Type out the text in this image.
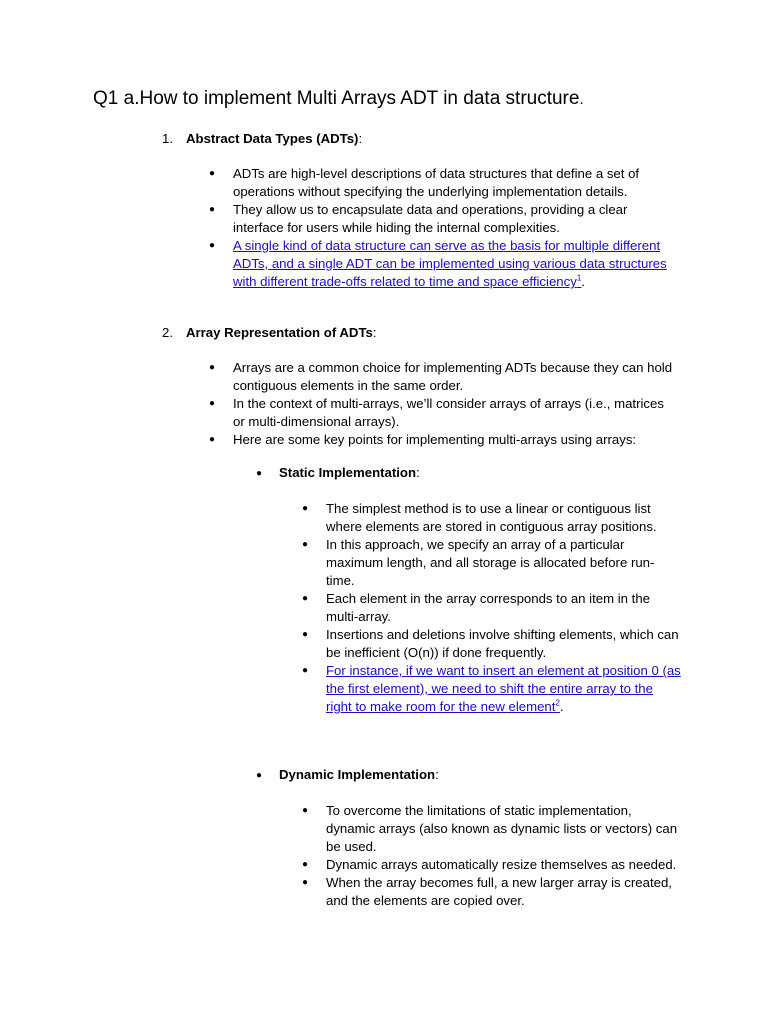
Q1 a.How to implement Multi Arrays ADT in data structure.
1. Abstract Data Types (ADTs):
● ADTs are high-level descriptions of data structures that define a set of operations without specifying the underlying implementation details.
● They allow us to encapsulate data and operations, providing a clear interface for users while hiding the internal complexities.
● A single kind of data structure can serve as the basis for multiple different ADTs, and a single ADT can be implemented using various data structures with different trade-offs related to time and space efficiency$^1$.
2. Array Representation of ADTs:
● Arrays are a common choice for implementing ADTs because they can hold contiguous elements in the same order.
● In the context of multi-arrays, we’ll consider arrays of arrays (i.e., matrices or multi-dimensional arrays).
● Here are some key points for implementing multi-arrays using arrays:
● Static Implementation:
● The simplest method is to use a linear or contiguous list where elements are stored in contiguous array positions.
● In this approach, we specify an array of a particular maximum length, and all storage is allocated before run-time.
● Each element in the array corresponds to an item in the multi-array.
● Insertions and deletions involve shifting elements, which can be inefficient (O(n)) if done frequently.
● For instance, if we want to insert an element at position 0 (as the first element), we need to shift the entire array to the right to make room for the new element$^2$.
● Dynamic Implementation:
● To overcome the limitations of static implementation, dynamic arrays (also known as dynamic lists or vectors) can be used.
● Dynamic arrays automatically resize themselves as needed.
● When the array becomes full, a new larger array is created, and the elements are copied over.
